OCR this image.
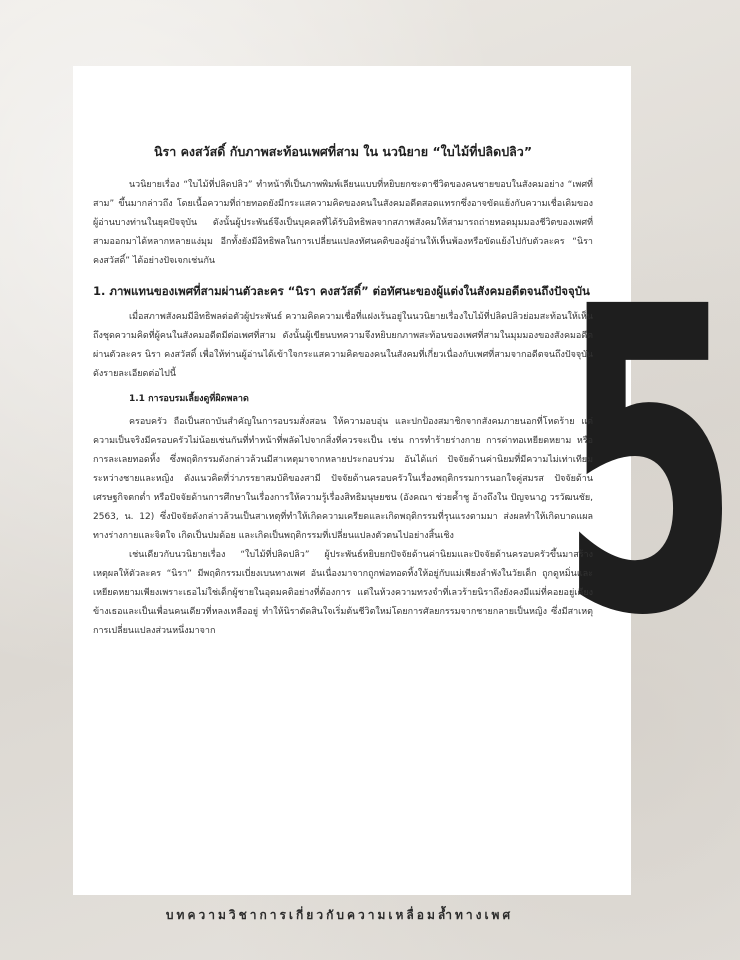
5
นิรา คงสวัสดิ์ กับภาพสะท้อนเพศที่สาม ใน นวนิยาย “ใบไม้ที่ปลิดปลิว”

นวนิยายเรื่อง “ใบไม้ที่ปลิดปลิว” ทำหน้าที่เป็นภาพพิมพ์เลียนแบบที่หยิบยกชะตาชีวิตของคนชายขอบในสังคมอย่าง “เพศที่สาม” ขึ้นมากล่าวถึง โดยเนื้อความที่ถ่ายทอดยังมีกระแสความคิดของคนในสังคมอดีตสอดแทรกซึ่งอาจขัดแย้งกับความเชื่อเดิมของผู้อ่านบางท่านในยุคปัจจุบัน ดังนั้นผู้ประพันธ์จึงเป็นบุคคลที่ได้รับอิทธิพลจากสภาพสังคมให้สามารถถ่ายทอดมุมมองชีวิตของเพศที่สามออกมาได้หลากหลายแง่มุม อีกทั้งยังมีอิทธิพลในการเปลี่ยนแปลงทัศนคติของผู้อ่านให้เห็นพ้องหรือขัดแย้งไปกับตัวละคร “นิรา คงสวัสดิ์” ได้อย่างปัจเจกเช่นกัน

1. ภาพแทนของเพศที่สามผ่านตัวละคร “นิรา คงสวัสดิ์” ต่อทัศนะของผู้แต่งในสังคมอดีตจนถึงปัจจุบัน

เมื่อสภาพสังคมมีอิทธิพลต่อตัวผู้ประพันธ์ ความคิดความเชื่อที่แฝงเร้นอยู่ในนวนิยายเรื่องใบไม้ที่ปลิดปลิวย่อมสะท้อนให้เห็นถึงชุดความคิดที่ผู้คนในสังคมอดีตมีต่อเพศที่สาม ดังนั้นผู้เขียนบทความจึงหยิบยกภาพสะท้อนของเพศที่สามในมุมมองของสังคมอดีตผ่านตัวละคร นิรา คงสวัสดิ์ เพื่อให้ท่านผู้อ่านได้เข้าใจกระแสความคิดของคนในสังคมที่เกี่ยวเนื่องกับเพศที่สามจากอดีตจนถึงปัจจุบัน ดังรายละเอียดต่อไปนี้

1.1 การอบรมเลี้ยงดูที่ผิดพลาด

ครอบครัว ถือเป็นสถาบันสำคัญในการอบรมสั่งสอน ให้ความอบอุ่น และปกป้องสมาชิกจากสังคมภายนอกที่โหดร้าย แต่ความเป็นจริงมีครอบครัวไม่น้อยเช่นกันที่ทำหน้าที่พลัดไปจากสิ่งที่ควรจะเป็น เช่น การทำร้ายร่างกาย การด่าทอเหยียดหยาม หรือการละเลยทอดทิ้ง ซึ่งพฤติกรรมดังกล่าวล้วนมีสาเหตุมาจากหลายประกอบร่วม อันได้แก่ ปัจจัยด้านค่านิยมที่มีความไม่เท่าเทียมระหว่างชายและหญิง ดังแนวคิดที่ว่าภรรยาสมบัติของสามี ปัจจัยด้านครอบครัวในเรื่องพฤติกรรมการนอกใจคู่สมรส ปัจจัยด้านเศรษฐกิจตกต่ำ หรือปัจจัยด้านการศึกษาในเรื่องการให้ความรู้เรื่องสิทธิมนุษยชน (อังคณา ช่วยค้ำชู อ้างถึงใน ปัญจนาฎ วรวัฒนชัย, 2563, น. 12) ซึ่งปัจจัยดังกล่าวล้วนเป็นสาเหตุที่ทำให้เกิดความเครียดและเกิดพฤติกรรมที่รุนแรงตามมา ส่งผลทำให้เกิดบาดแผลทางร่างกายและจิตใจ เกิดเป็นปมด้อย และเกิดเป็นพฤติกรรมที่เปลี่ยนแปลงตัวตนไปอย่างสิ้นเชิง

เช่นเดียวกับนวนิยายเรื่อง “ใบไม้ที่ปลิดปลิว” ผู้ประพันธ์หยิบยกปัจจัยด้านค่านิยมและปัจจัยด้านครอบครัวขึ้นมาสร้างเหตุผลให้ตัวละคร “นิรา” มีพฤติกรรมเบี่ยงเบนทางเพศ อันเนื่องมาจากถูกพ่อทอดทิ้งให้อยู่กับแม่เพียงลำพังในวัยเด็ก ถูกดูหมิ่นและเหยียดหยามเพียงเพราะเธอไม่ใช่เด็กผู้ชายในอุดมคติอย่างที่ต้องการ แต่ในห้วงความทรงจำที่เลวร้ายนิราถึงยังคงมีแม่ที่คอยอยู่เคียงข้างเธอและเป็นเพื่อนคนเดียวที่หลงเหลืออยู่ ทำให้นิราตัดสินใจเริ่มต้นชีวิตใหม่โดยการศัลยกรรมจากชายกลายเป็นหญิง ซึ่งมีสาเหตุการเปลี่ยนแปลงส่วนหนึ่งมาจาก

บทความวิชาการเกี่ยวกับความเหลื่อมล้ำทางเพศ
